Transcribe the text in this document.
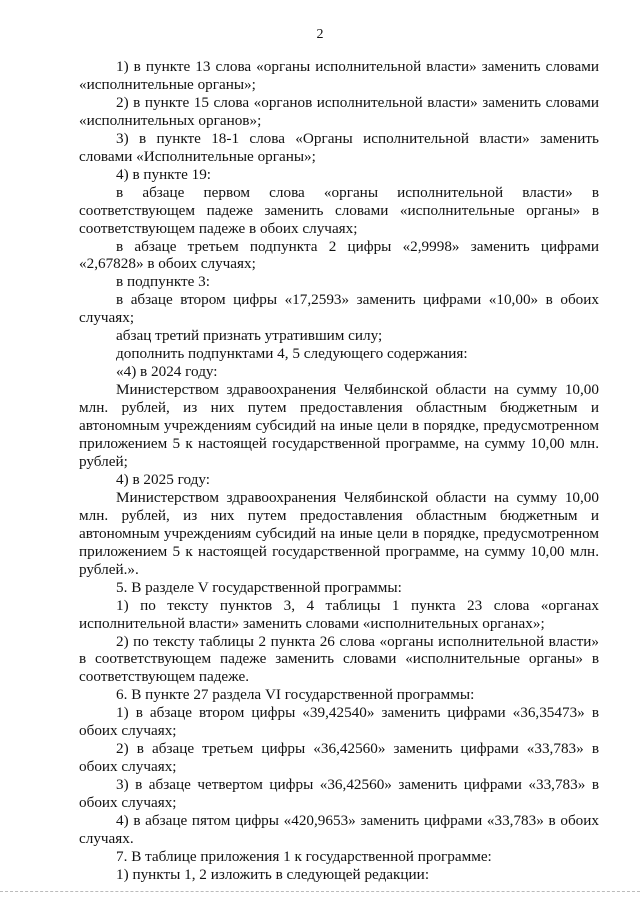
2

1) в пункте 13 слова «органы исполнительной власти» заменить словами «исполнительные органы»;

2) в пункте 15 слова «органов исполнительной власти» заменить словами «исполнительных органов»;

3) в пункте 18-1 слова «Органы исполнительной власти» заменить словами «Исполнительные органы»;

4) в пункте 19:

в абзаце первом слова «органы исполнительной власти» в соответствующем падеже заменить словами «исполнительные органы» в соответствующем падеже в обоих случаях;

в абзаце третьем подпункта 2 цифры «2,9998» заменить цифрами «2,67828» в обоих случаях;

в подпункте 3:

в абзаце втором цифры «17,2593» заменить цифрами «10,00» в обоих случаях;

абзац третий признать утратившим силу;

дополнить подпунктами 4, 5 следующего содержания:

«4) в 2024 году:

Министерством здравоохранения Челябинской области на сумму 10,00 млн. рублей, из них путем предоставления областным бюджетным и автономным учреждениям субсидий на иные цели в порядке, предусмотренном приложением 5 к настоящей государственной программе, на сумму 10,00 млн. рублей;

4) в 2025 году:

Министерством здравоохранения Челябинской области на сумму 10,00 млн. рублей, из них путем предоставления областным бюджетным и автономным учреждениям субсидий на иные цели в порядке, предусмотренном приложением 5 к настоящей государственной программе, на сумму 10,00 млн. рублей.».

5. В разделе V государственной программы:

1) по тексту пунктов 3, 4 таблицы 1 пункта 23 слова «органах исполнительной власти» заменить словами «исполнительных органах»;

2) по тексту таблицы 2 пункта 26 слова «органы исполнительной власти» в соответствующем падеже заменить словами «исполнительные органы» в соответствующем падеже.

6. В пункте 27 раздела VI государственной программы:

1) в абзаце втором цифры «39,42540» заменить цифрами «36,35473» в обоих случаях;

2) в абзаце третьем цифры «36,42560» заменить цифрами «33,783» в обоих случаях;

3) в абзаце четвертом цифры «36,42560» заменить цифрами «33,783» в обоих случаях;

4) в абзаце пятом цифры «420,9653» заменить цифрами «33,783» в обоих случаях.

7. В таблице приложения 1 к государственной программе:

1) пункты 1, 2 изложить в следующей редакции:
